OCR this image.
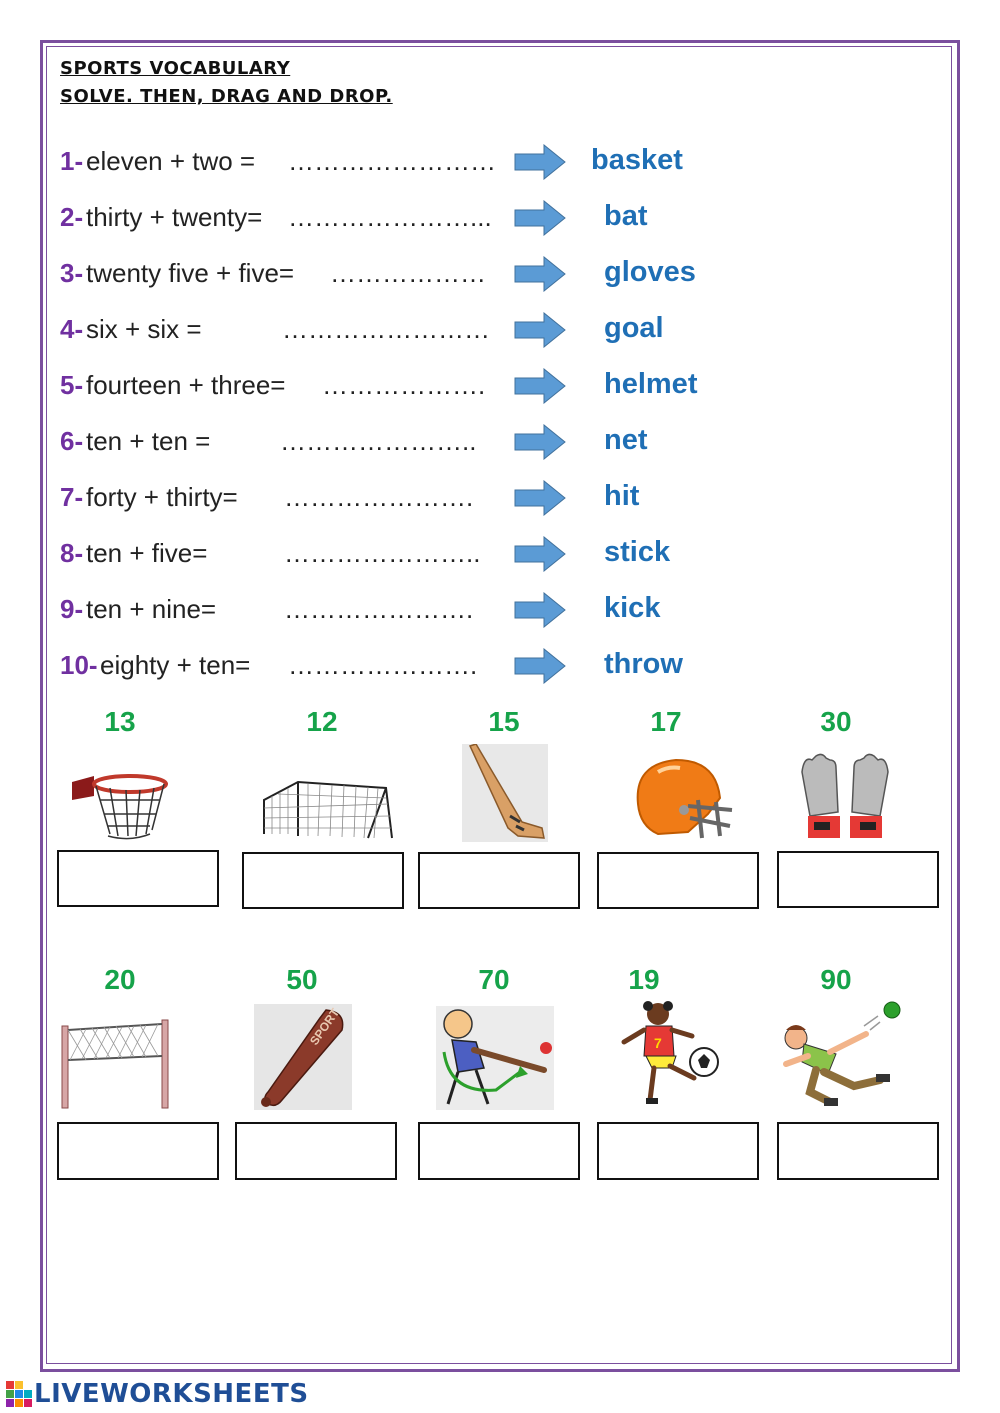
SPORTS VOCABULARY
SOLVE. THEN, DRAG AND DROP.
1- eleven + two = ……………………	basket
2- thirty + twenty= …………………...	bat
3- twenty five + five= ………………	gloves
4- six + six =	……………………	goal
5- fourteen + three= ……………….	helmet
6- ten + ten =	…………………..	net
7- forty + thirty= ………………….	hit
8- ten + five=	…………………..	stick
9- ten + nine=	………………….	kick
10- eighty + ten= ………………….	throw
13	12	15	17	30
20	50	70	19	90
SPORT	7
LIVEWORKSHEETS
